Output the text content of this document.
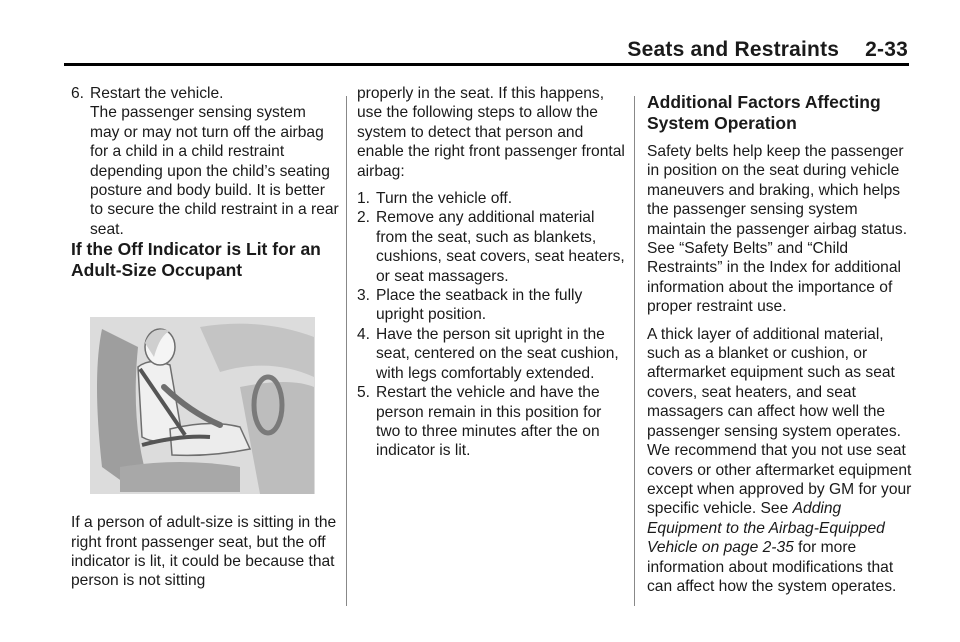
Seats and Restraints 2-33

6. Restart the vehicle.

The passenger sensing system may or may not turn off the airbag for a child in a child restraint depending upon the child’s seating posture and body build. It is better to secure the child restraint in a rear seat.

If the Off Indicator is Lit for an Adult-Size Occupant

If a person of adult-size is sitting in the right front passenger seat, but the off indicator is lit, it could be because that person is not sitting

properly in the seat. If this happens, use the following steps to allow the system to detect that person and enable the right front passenger frontal airbag:

1. Turn the vehicle off.

2. Remove any additional material from the seat, such as blankets, cushions, seat covers, seat heaters, or seat massagers.

3. Place the seatback in the fully upright position.

4. Have the person sit upright in the seat, centered on the seat cushion, with legs comfortably extended.

5. Restart the vehicle and have the person remain in this position for two to three minutes after the on indicator is lit.

Additional Factors Affecting System Operation

Safety belts help keep the passenger in position on the seat during vehicle maneuvers and braking, which helps the passenger sensing system maintain the passenger airbag status. See “Safety Belts” and “Child Restraints” in the Index for additional information about the importance of proper restraint use.

A thick layer of additional material, such as a blanket or cushion, or aftermarket equipment such as seat covers, seat heaters, and seat massagers can affect how well the passenger sensing system operates. We recommend that you not use seat covers or other aftermarket equipment except when approved by GM for your specific vehicle. See Adding Equipment to the Airbag-Equipped Vehicle on page 2-35 for more information about modifications that can affect how the system operates.
